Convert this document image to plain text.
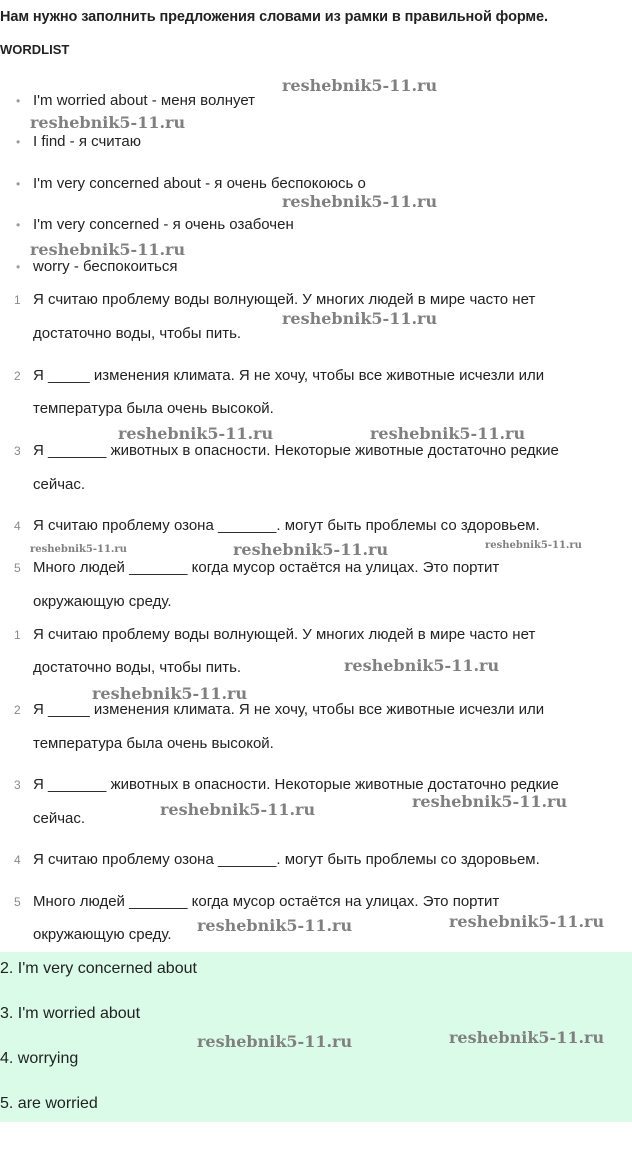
Нам нужно заполнить предложения словами из рамки в правильной форме.
WORDLIST
• I'm worried about - меня волнует
• I find - я считаю
• I'm very concerned about - я очень беспокоюсь о
• I'm very concerned - я очень озабочен
• worry - беспокоиться
1 Я считаю проблему воды волнующей. У многих людей в мире часто нет
достаточно воды, чтобы пить.
2 Я _____ изменения климата. Я не хочу, чтобы все животные исчезли или
температура была очень высокой.
3 Я _______ животных в опасности. Некоторые животные достаточно редкие
сейчас.
4 Я считаю проблему озона _______. могут быть проблемы со здоровьем.
5 Много людей _______ когда мусор остаётся на улицах. Это портит
окружающую среду.
1 Я считаю проблему воды волнующей. У многих людей в мире часто нет
достаточно воды, чтобы пить.
2 Я _____ изменения климата. Я не хочу, чтобы все животные исчезли или
температура была очень высокой.
3 Я _______ животных в опасности. Некоторые животные достаточно редкие
сейчас.
4 Я считаю проблему озона _______. могут быть проблемы со здоровьем.
5 Много людей _______ когда мусор остаётся на улицах. Это портит
окружающую среду.
2. I'm very concerned about
3. I'm worried about
4. worrying
5. are worried
reshebnik5-11.ru
reshebnik5-11.ru
reshebnik5-11.ru
reshebnik5-11.ru
reshebnik5-11.ru
reshebnik5-11.ru	reshebnik5-11.ru
reshebnik5-11.ru	reshebnik5-11.ru	reshebnik5-11.ru
reshebnik5-11.ru
reshebnik5-11.ru
reshebnik5-11.ru	reshebnik5-11.ru
reshebnik5-11.ru	reshebnik5-11.ru
reshebnik5-11.ru	reshebnik5-11.ru
